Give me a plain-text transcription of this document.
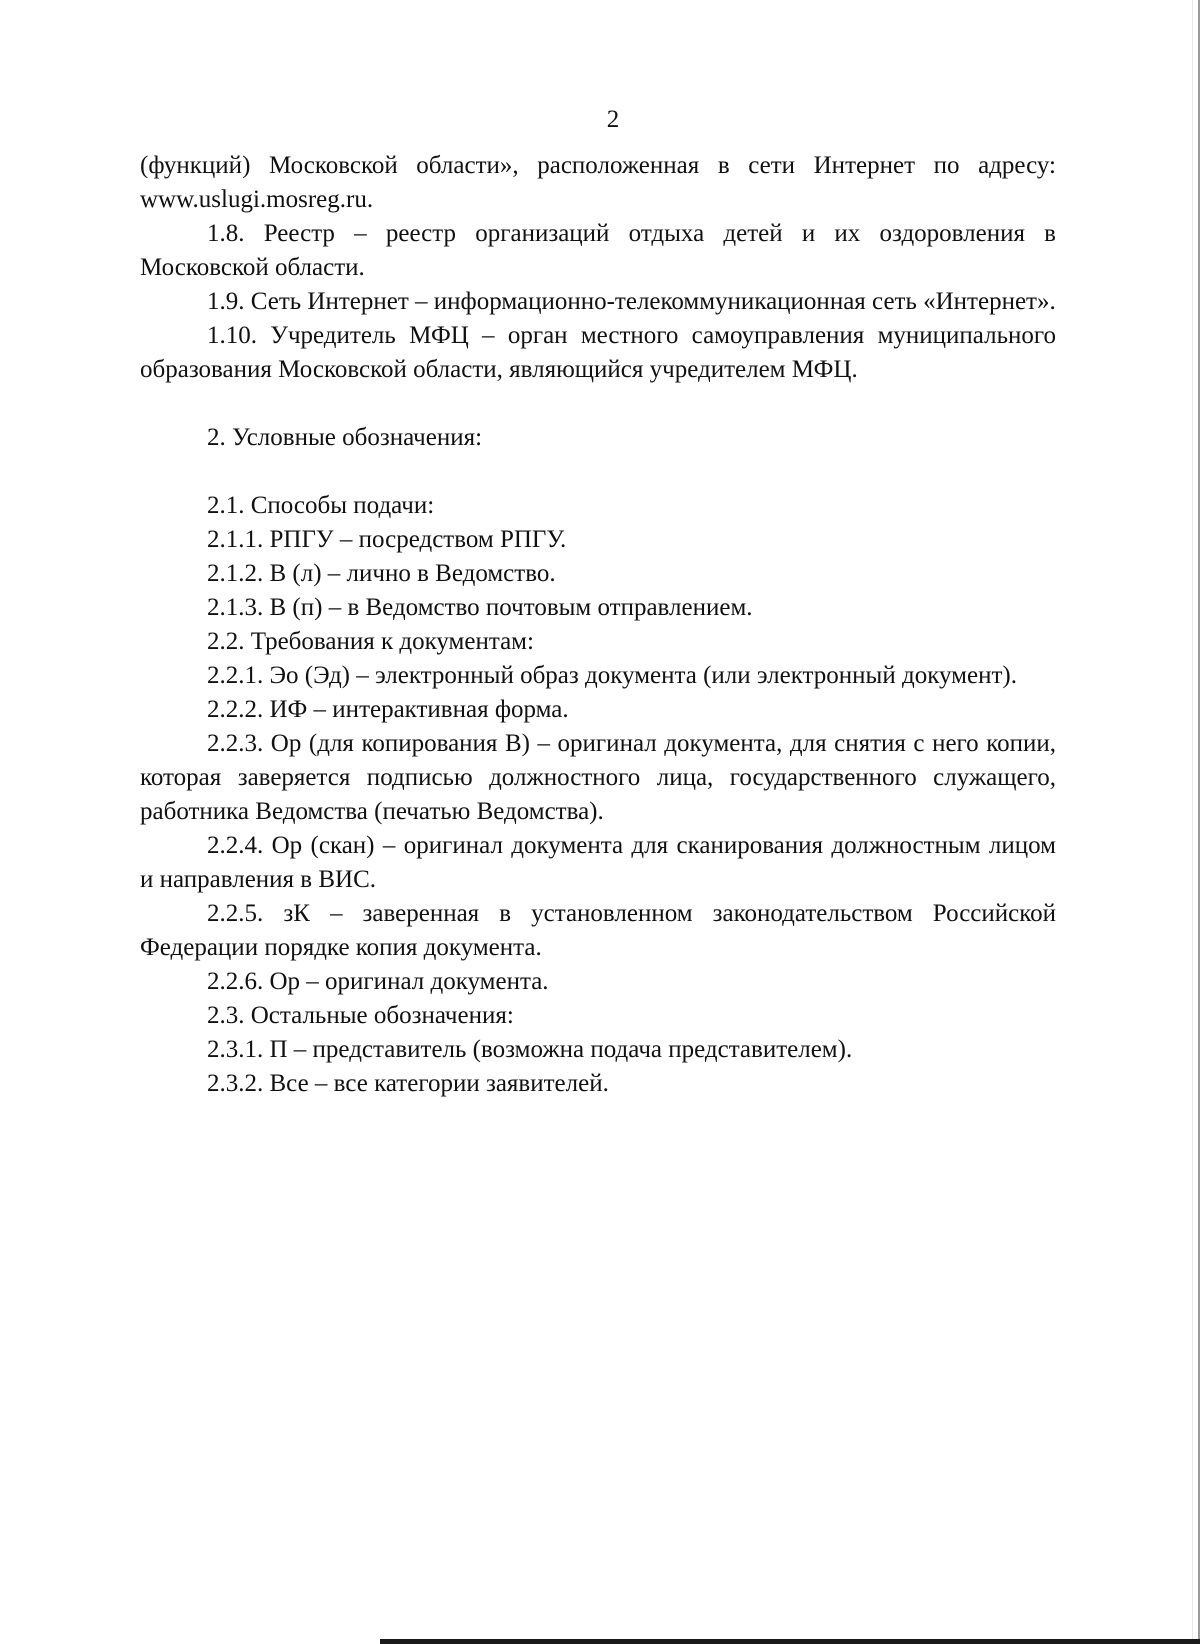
2

(функций) Московской области», расположенная в сети Интернет по адресу: www.uslugi.mosreg.ru.

1.8. Реестр – реестр организаций отдыха детей и их оздоровления в Московской области.

1.9. Сеть Интернет – информационно-телекоммуникационная сеть «Интернет».

1.10. Учредитель МФЦ – орган местного самоуправления муниципального образования Московской области, являющийся учредителем МФЦ.

2. Условные обозначения:

2.1. Способы подачи:

2.1.1. РПГУ – посредством РПГУ.

2.1.2. В (л) – лично в Ведомство.

2.1.3. В (п) – в Ведомство почтовым отправлением.

2.2. Требования к документам:

2.2.1. Эо (Эд) – электронный образ документа (или электронный документ).

2.2.2. ИФ – интерактивная форма.

2.2.3. Ор (для копирования В) – оригинал документа, для снятия с него копии, которая заверяется подписью должностного лица, государственного служащего, работника Ведомства (печатью Ведомства).

2.2.4. Ор (скан) – оригинал документа для сканирования должностным лицом и направления в ВИС.

2.2.5. зК – заверенная в установленном законодательством Российской Федерации порядке копия документа.

2.2.6. Ор – оригинал документа.

2.3. Остальные обозначения:

2.3.1. П – представитель (возможна подача представителем).

2.3.2. Все – все категории заявителей.
